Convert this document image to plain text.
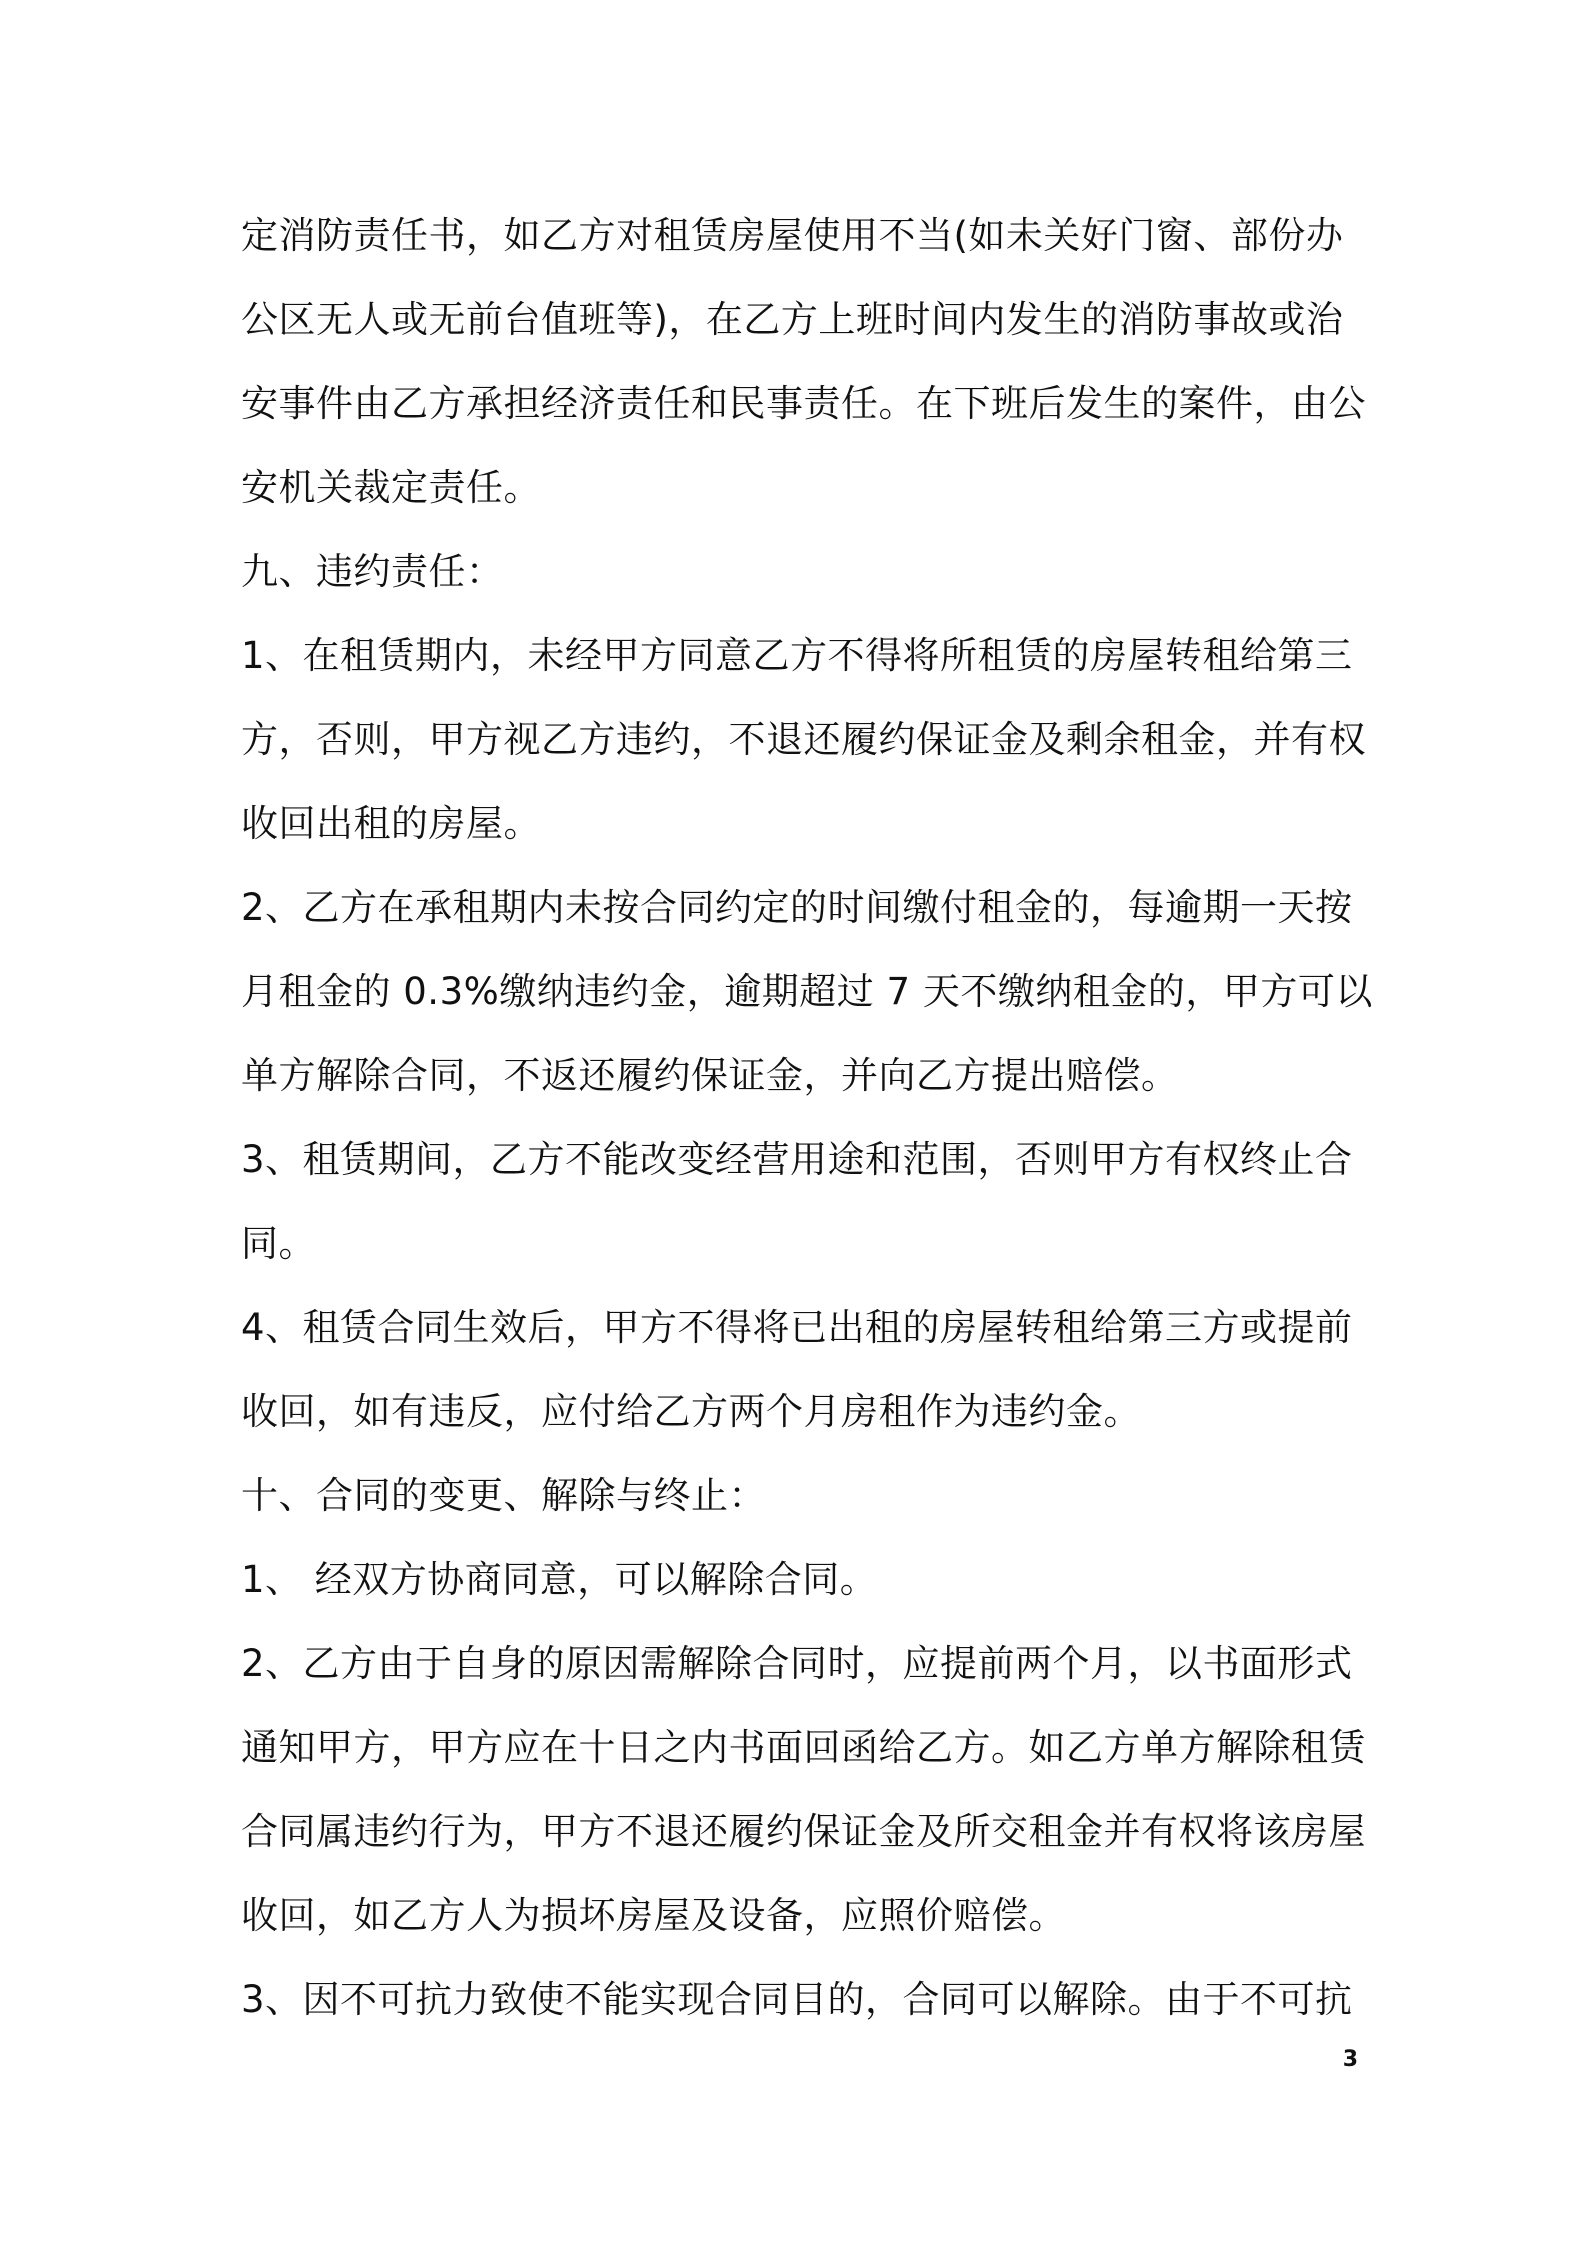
定消防责任书，如乙方对租赁房屋使用不当(如未关好门窗、部份办
公区无人或无前台值班等)，在乙方上班时间内发生的消防事故或治
安事件由乙方承担经济责任和民事责任。在下班后发生的案件，由公
安机关裁定责任。
九、违约责任：
1、在租赁期内，未经甲方同意乙方不得将所租赁的房屋转租给第三
方，否则，甲方视乙方违约，不退还履约保证金及剩余租金，并有权
收回出租的房屋。
2、乙方在承租期内未按合同约定的时间缴付租金的，每逾期一天按
月租金的 0.3%缴纳违约金，逾期超过 7 天不缴纳租金的，甲方可以
单方解除合同，不返还履约保证金，并向乙方提出赔偿。
3、租赁期间，乙方不能改变经营用途和范围，否则甲方有权终止合
同。
4、租赁合同生效后，甲方不得将已出租的房屋转租给第三方或提前
收回，如有违反，应付给乙方两个月房租作为违约金。
十、合同的变更、解除与终止：
1、 经双方协商同意，可以解除合同。
2、乙方由于自身的原因需解除合同时，应提前两个月，以书面形式
通知甲方，甲方应在十日之内书面回函给乙方。如乙方单方解除租赁
合同属违约行为，甲方不退还履约保证金及所交租金并有权将该房屋
收回，如乙方人为损坏房屋及设备，应照价赔偿。
3、因不可抗力致使不能实现合同目的，合同可以解除。由于不可抗
3
